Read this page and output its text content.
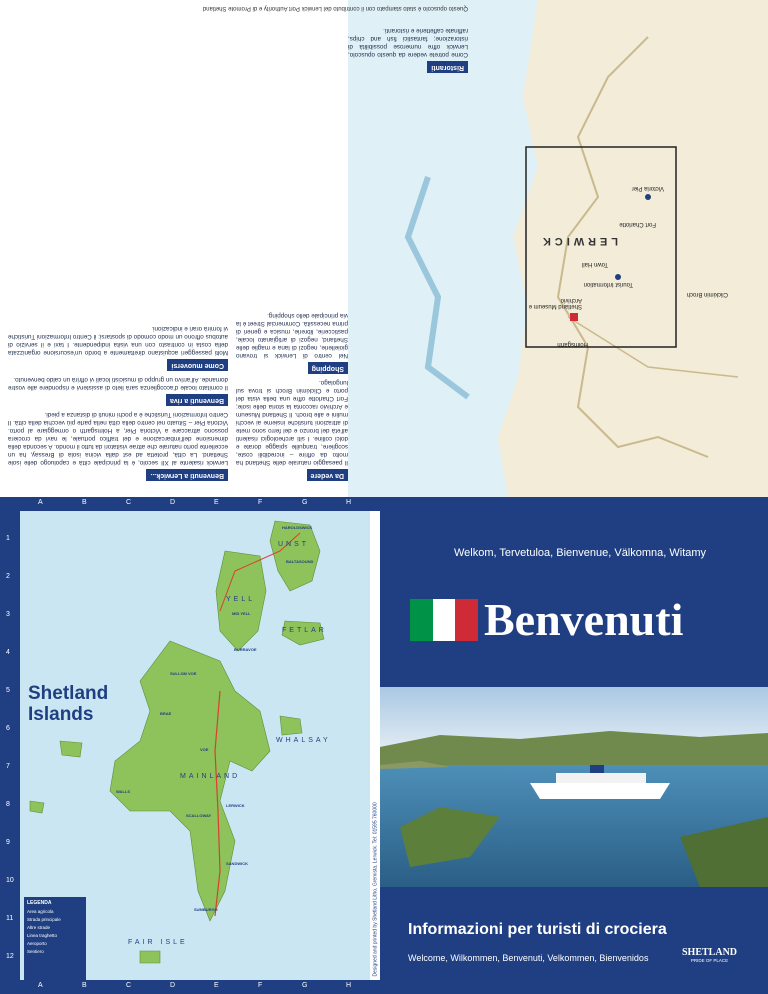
Benvenuti a Lerwick...
Lerwick risalente al XII secolo, è la principale città e capoluogo delle isole Shetland. La città, protetta ad est dalla vicina isola di Bressay, ha un eccellente porto naturale che attrae visitatori da tutto il mondo. A seconda della dimensione dell'imbarcazione e del traffico portuale, le navi da crociera possono attraccare a Victoria Pier, a Holmsgarth o ormeggiare al porto. Victoria Pier – Situato nel centro della città nella parte più vecchia della città. Il Centro Informazioni Turistiche è a pochi minuti di distanza a piedi.
Benvenuti a riva
Il comitato locale d'accoglienza sarà lieto di assistervi e rispondere alle vostre domande. All'arrivo un gruppo di musicisti locali vi offrirà un caldo benvenuto.
Come muoversi
Molti passeggeri acquistano direttamente a bordo un'escursione organizzata della costa in contrasto con una visita indipendente. I taxi e il servizio di autobus offrono un modo comodo di spostarsi; il Centro Informazioni Turistiche vi fornirà orari e indicazioni.
Da vedere
Il paesaggio naturale delle Shetland ha molto da offrire – incredibili coste, scogliere, tranquille spiagge dorate e dolci colline. I siti archeologici risalenti all'età del bronzo e del ferro sono mete di attrazioni turistiche insieme ai vecchi mulini e alle broch. Il Shetland Museum e Archivio racconta la storia delle isole; Fort Charlotte offre una bella vista del porto e Clickimin Broch si trova sul lungolago.
Shopping
Nel centro di Lerwick si trovano gioiellerie, negozi di lana e maglie delle Shetland, negozi di artigianato locale, pasticcerie, librerie, musica e generi di prima necessità. Commercial Street è la via principale dello shopping.
LERWICK
Shetland Museum e Archivio
Victoria Pier
Fort Charlotte
Clickimin Broch
Town Hall
Tourist Information
Holmsgarth
Ristoranti
Come potrete vedere da questo opuscolo, Lerwick offre numerose possibilità di ristorazione; fantastici fish and chips, raffinate caffetterie e ristoranti.
Questo opuscolo è stato stampato con il contributo del Lerwick Port Authority e di Promote Shetland
A	B	C	D	E	F	G	H
A	B	C	D	E	F	G	H
1
2
3
4
5
6
7
8
9
10
11
12
UNST
YELL
FETLAR
WHALSAY
MAINLAND
FAIR ISLE
BALTASOUND
HAROLDSWICK
MID YELL
BRAE
SULLOM VOE
VOE
WALLS
SCALLOWAY
LERWICK
SANDWICK
BURRAVOE
SUMBURGH
Shetland
Islands
LEGENDA
Area agricola
Strada principale
Altre strade
Linea traghetto
Aeroporto
Sentiero	Designed and printed by Shetland Litho, Gremista, Lerwick. Tel: 01595 760000
Welkom, Tervetuloa, Bienvenue, Välkomna, Witamy
Benvenuti
Informazioni per turisti di crociera
Welcome, Wilkommen, Benvenuti, Velkommen, Bienvenidos	SHETLAND
PRIDE OF PLACE
